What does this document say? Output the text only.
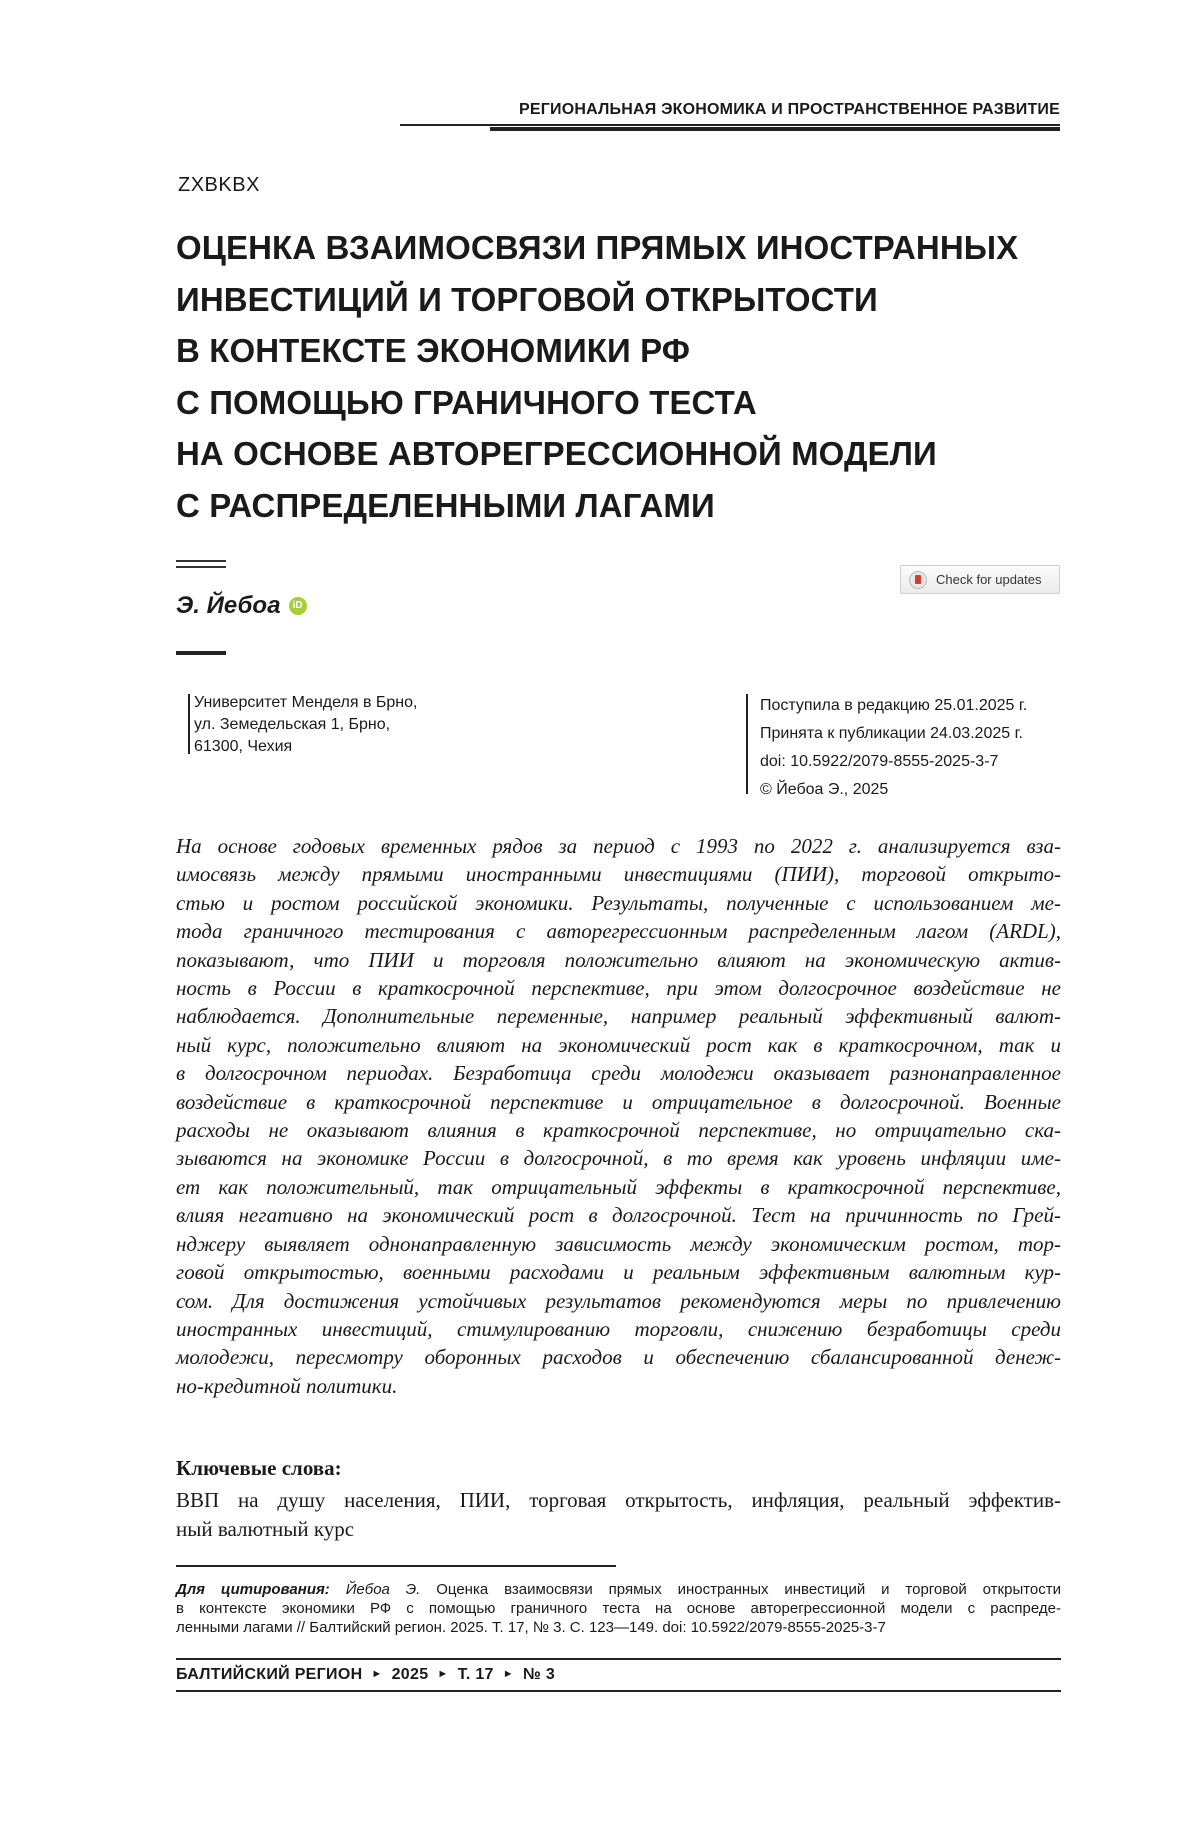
РЕГИОНАЛЬНАЯ ЭКОНОМИКА И ПРОСТРАНСТВЕННОЕ РАЗВИТИЕ
ZXBKBX
ОЦЕНКА ВЗАИМОСВЯЗИ ПРЯМЫХ ИНОСТРАННЫХ
ИНВЕСТИЦИЙ И ТОРГОВОЙ ОТКРЫТОСТИ
В КОНТЕКСТЕ ЭКОНОМИКИ РФ
С ПОМОЩЬЮ ГРАНИЧНОГО ТЕСТА
НА ОСНОВЕ АВТОРЕГРЕССИОННОЙ МОДЕЛИ
С РАСПРЕДЕЛЕННЫМИ ЛАГАМИ
Э. Йебоа	iD
Check for updates
Университет Менделя в Брно,
ул. Земедельская 1, Брно,
61300, Чехия
Поступила в редакцию 25.01.2025 г.
Принята к публикации 24.03.2025 г.
doi: 10.5922/2079-8555-2025-3-7
© Йебоа Э., 2025
На основе годовых временных рядов за период с 1993 по 2022 г. анализируется вза-
имосвязь между прямыми иностранными инвестициями (ПИИ), торговой открыто-
стью и ростом российской экономики. Результаты, полученные с использованием ме-
тода граничного тестирования с авторегрессионным распределенным лагом (ARDL),
показывают, что ПИИ и торговля положительно влияют на экономическую актив-
ность в России в краткосрочной перспективе, при этом долгосрочное воздействие не
наблюдается. Дополнительные переменные, например реальный эффективный валют-
ный курс, положительно влияют на экономический рост как в краткосрочном, так и
в долгосрочном периодах. Безработица среди молодежи оказывает разнонаправленное
воздействие в краткосрочной перспективе и отрицательное в долгосрочной. Военные
расходы не оказывают влияния в краткосрочной перспективе, но отрицательно ска-
зываются на экономике России в долгосрочной, в то время как уровень инфляции име-
ет как положительный, так отрицательный эффекты в краткосрочной перспективе,
влияя негативно на экономический рост в долгосрочной. Тест на причинность по Грей-
нджеру выявляет однонаправленную зависимость между экономическим ростом, тор-
говой открытостью, военными расходами и реальным эффективным валютным кур-
сом. Для достижения устойчивых результатов рекомендуются меры по привлечению
иностранных инвестиций, стимулированию торговли, снижению безработицы среди
молодежи, пересмотру оборонных расходов и обеспечению сбалансированной денеж-
но-кредитной политики.
Ключевые слова:
ВВП на душу населения, ПИИ, торговая открытость, инфляция, реальный эффектив-
ный валютный курс
Для цитирования: Йебоа Э. Оценка взаимосвязи прямых иностранных инвестиций и торговой открытости
в контексте экономики РФ с помощью граничного теста на основе авторегрессионной модели с распреде-
ленными лагами // Балтийский регион. 2025. Т. 17, № 3. С. 123—149. doi: 10.5922/2079-8555-2025-3-7
БАЛТИЙСКИЙ РЕГИОН ► 2025 ► Т. 17 ► № 3
